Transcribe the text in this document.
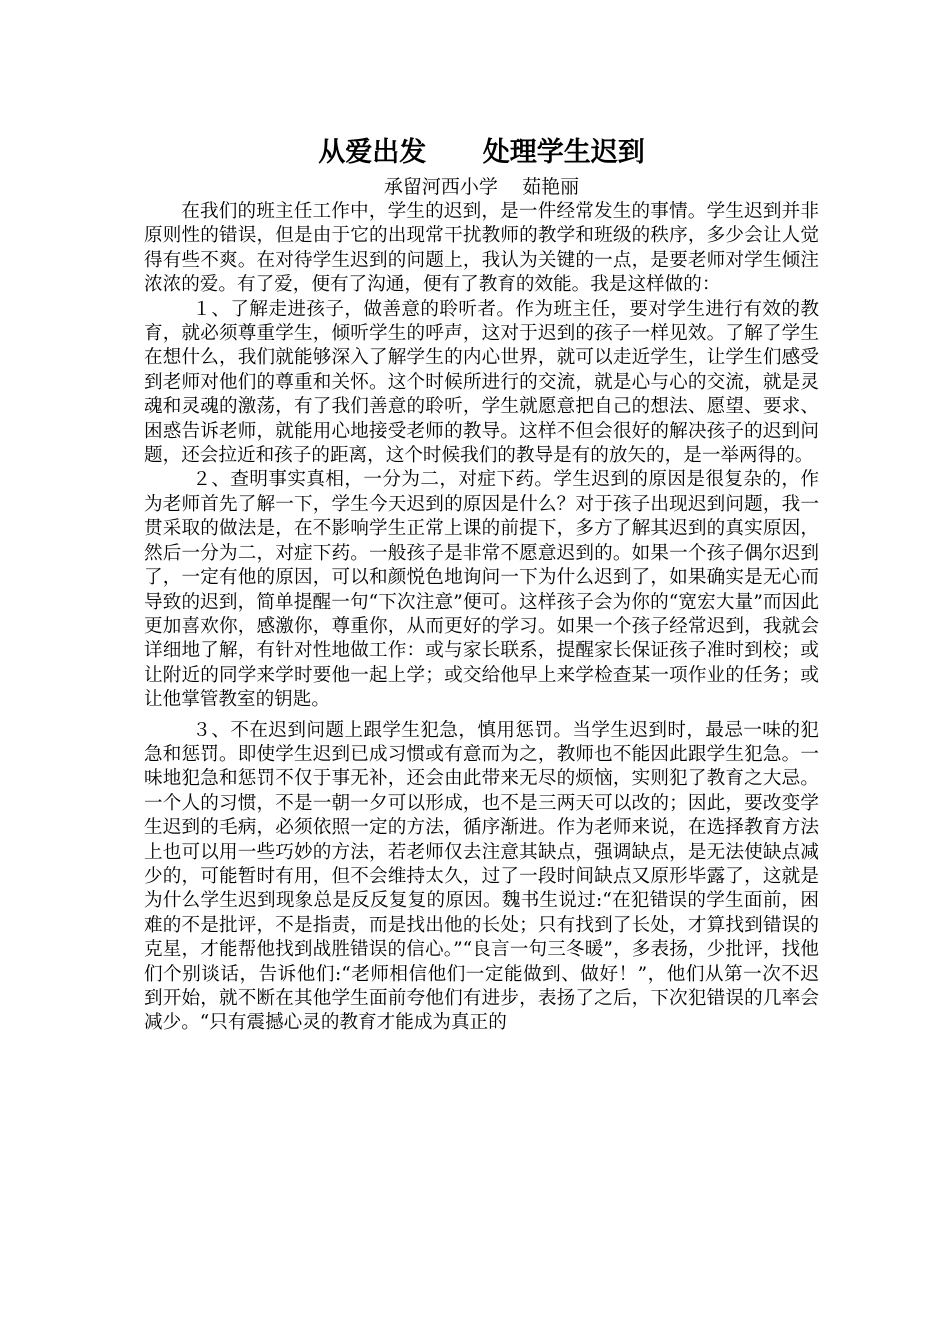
从爱出发      处理学生迟到
承留河西小学    茹艳丽

在我们的班主任工作中，学生的迟到，是一件经常发生的事情。学生迟到并非原则性的错误，但是由于它的出现常干扰教师的教学和班级的秩序，多少会让人觉得有些不爽。在对待学生迟到的问题上，我认为关键的一点，是要老师对学生倾注浓浓的爱。有了爱，便有了沟通，便有了教育的效能。我是这样做的：

１、了解走进孩子，做善意的聆听者。作为班主任，要对学生进行有效的教育，就必须尊重学生，倾听学生的呼声，这对于迟到的孩子一样见效。了解了学生在想什么，我们就能够深入了解学生的内心世界，就可以走近学生，让学生们感受到老师对他们的尊重和关怀。这个时候所进行的交流，就是心与心的交流，就是灵魂和灵魂的激荡，有了我们善意的聆听，学生就愿意把自己的想法、愿望、要求、困惑告诉老师，就能用心地接受老师的教导。这样不但会很好的解决孩子的迟到问题，还会拉近和孩子的距离，这个时候我们的教导是有的放矢的，是一举两得的。

２、查明事实真相，一分为二，对症下药。学生迟到的原因是很复杂的，作为老师首先了解一下，学生今天迟到的原因是什么？对于孩子出现迟到问题，我一贯采取的做法是，在不影响学生正常上课的前提下，多方了解其迟到的真实原因，然后一分为二，对症下药。一般孩子是非常不愿意迟到的。如果一个孩子偶尔迟到了，一定有他的原因，可以和颜悦色地询问一下为什么迟到了，如果确实是无心而导致的迟到，简单提醒一句“下次注意”便可。这样孩子会为你的“宽宏大量”而因此更加喜欢你，感激你，尊重你，从而更好的学习。如果一个孩子经常迟到，我就会详细地了解，有针对性地做工作：或与家长联系，提醒家长保证孩子准时到校；或让附近的同学来学时要他一起上学；或交给他早上来学检查某一项作业的任务；或让他掌管教室的钥匙。

３、不在迟到问题上跟学生犯急，慎用惩罚。当学生迟到时，最忌一味的犯急和惩罚。即使学生迟到已成习惯或有意而为之，教师也不能因此跟学生犯急。一味地犯急和惩罚不仅于事无补，还会由此带来无尽的烦恼，实则犯了教育之大忌。一个人的习惯，不是一朝一夕可以形成，也不是三两天可以改的；因此，要改变学生迟到的毛病，必须依照一定的方法，循序渐进。作为老师来说，在选择教育方法上也可以用一些巧妙的方法，若老师仅去注意其缺点，强调缺点，是无法使缺点减少的，可能暂时有用，但不会维持太久，过了一段时间缺点又原形毕露了，这就是为什么学生迟到现象总是反反复复的原因。魏书生说过:“在犯错误的学生面前，困难的不是批评，不是指责，而是找出他的长处；只有找到了长处，才算找到错误的克星，才能帮他找到战胜错误的信心。”“良言一句三冬暖”，多表扬，少批评，找他们个别谈话，告诉他们:“老师相信他们一定能做到、做好！”，他们从第一次不迟到开始，就不断在其他学生面前夸他们有进步，表扬了之后，下次犯错误的几率会减少。“只有震撼心灵的教育才能成为真正的
